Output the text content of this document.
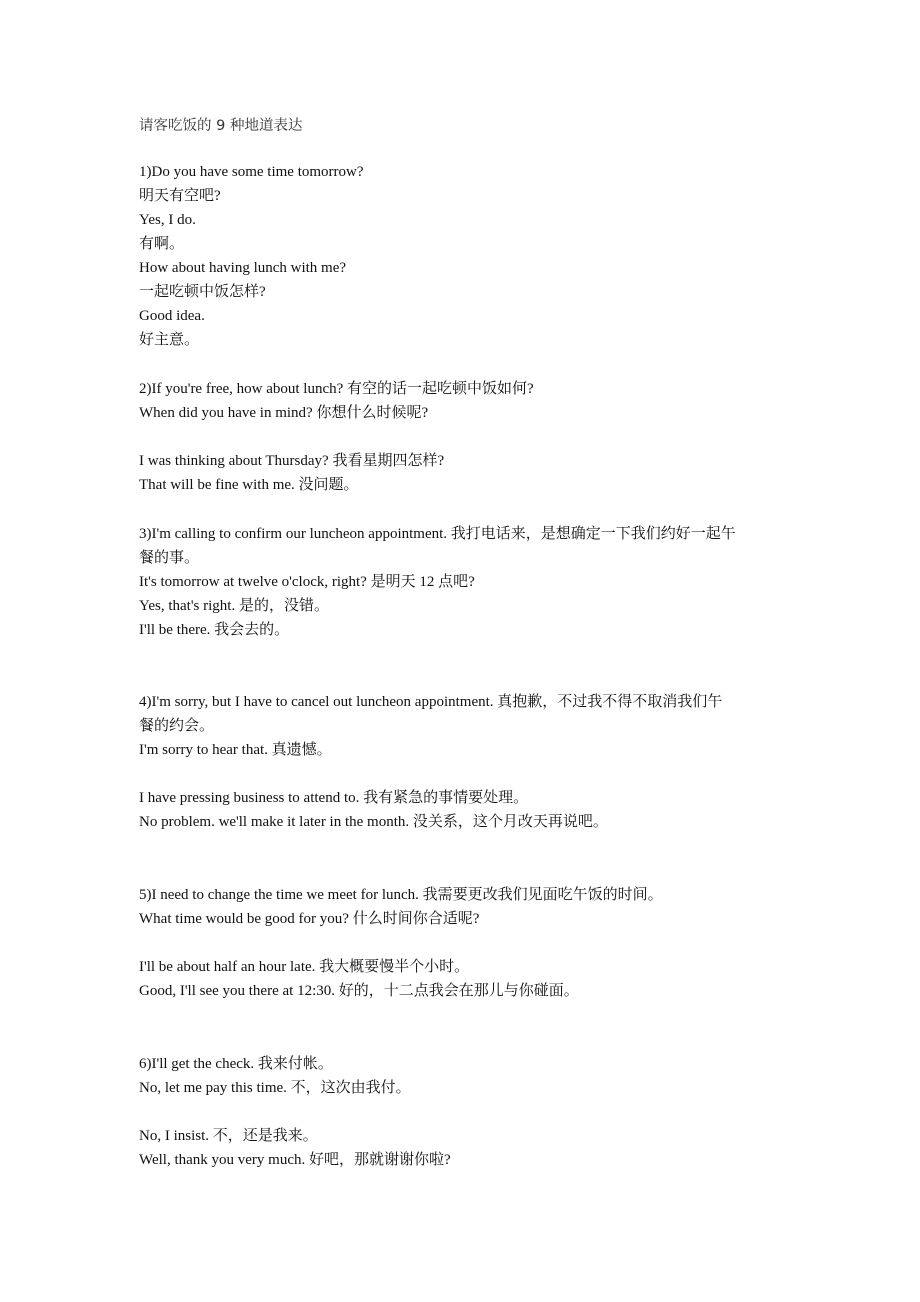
请客吃饭的 9 种地道表达
1)Do you have some time tomorrow?
明天有空吧?
Yes, I do.
有啊。
How about having lunch with me?
一起吃顿中饭怎样?
Good idea.
好主意。
2)If you're free, how about lunch? 有空的话一起吃顿中饭如何?
When did you have in mind? 你想什么时候呢?
I was thinking about Thursday? 我看星期四怎样?
That will be fine with me. 没问题。
3)I'm calling to confirm our luncheon appointment. 我打电话来，是想确定一下我们约好一起午
餐的事。
It's tomorrow at twelve o'clock, right? 是明天 12 点吧?
Yes, that's right. 是的，没错。
I'll be there. 我会去的。
4)I'm sorry, but I have to cancel out luncheon appointment. 真抱歉，不过我不得不取消我们午
餐的约会。
I'm sorry to hear that. 真遗憾。
I have pressing business to attend to. 我有紧急的事情要处理。
No problem. we'll make it later in the month. 没关系，这个月改天再说吧。
5)I need to change the time we meet for lunch. 我需要更改我们见面吃午饭的时间。
What time would be good for you? 什么时间你合适呢?
I'll be about half an hour late. 我大概要慢半个小时。
Good, I'll see you there at 12:30. 好的，十二点我会在那儿与你碰面。
6)I'll get the check. 我来付帐。
No, let me pay this time. 不，这次由我付。
No, I insist. 不，还是我来。
Well, thank you very much. 好吧，那就谢谢你啦?
